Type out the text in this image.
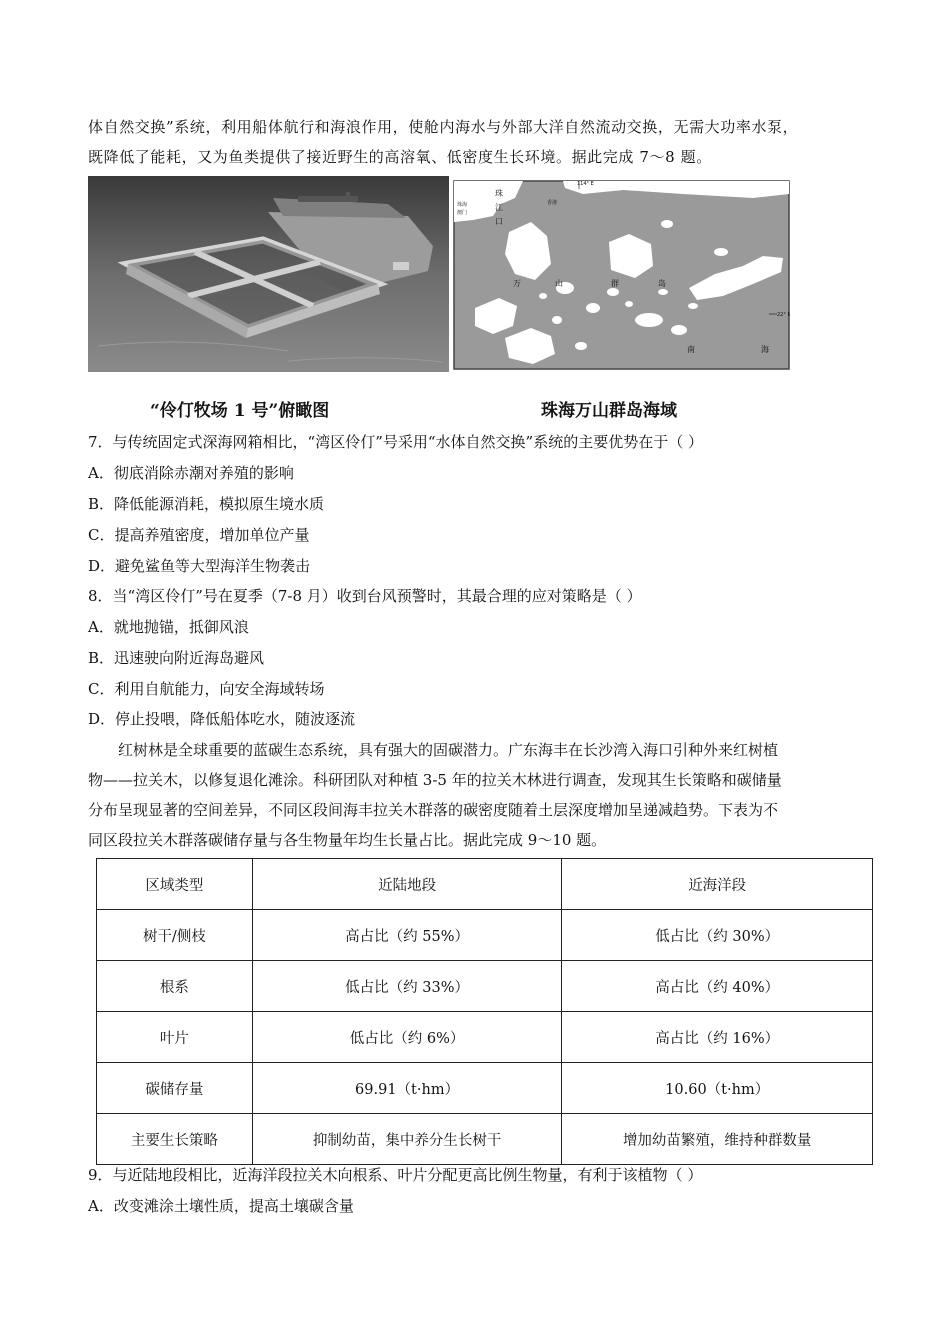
体自然交换”系统，利用船体航行和海浪作用，使舱内海水与外部大洋自然流动交换，无需大功率水泵，
既降低了能耗，又为鱼类提供了接近野生的高溶氧、低密度生长环境。据此完成 7～8 题。

114° E
珠海
澳门
香港
珠
江
口
万	山	群	岛
22° N
南	海
“伶仃牧场 1 号”俯瞰图	珠海万山群岛海域

7．与传统固定式深海网箱相比，“湾区伶仃”号采用“水体自然交换”系统的主要优势在于（ ）

A．彻底消除赤潮对养殖的影响

B．降低能源消耗，模拟原生境水质

C．提高养殖密度，增加单位产量

D．避免鲨鱼等大型海洋生物袭击

8．当“湾区伶仃”号在夏季（7-8 月）收到台风预警时，其最合理的应对策略是（ ）

A．就地抛锚，抵御风浪

B．迅速驶向附近海岛避风

C．利用自航能力，向安全海域转场

D．停止投喂，降低船体吃水，随波逐流

红树林是全球重要的蓝碳生态系统，具有强大的固碳潜力。广东海丰在长沙湾入海口引种外来红树植

物——拉关木，以修复退化滩涂。科研团队对种植 3-5 年的拉关木林进行调查，发现其生长策略和碳储量

分布呈现显著的空间差异，不同区段间海丰拉关木群落的碳密度随着土层深度增加呈递减趋势。下表为不

同区段拉关木群落碳储存量与各生物量年均生长量占比。据此完成 9～10 题。

区域类型	近陆地段	近海洋段
树干/侧枝	高占比（约 55%）	低占比（约 30%）
根系	低占比（约 33%）	高占比（约 40%）
叶片	低占比（约 6%）	高占比（约 16%）
碳储存量	69.91（t·hm）	10.60（t·hm）
主要生长策略	抑制幼苗，集中养分生长树干	增加幼苗繁殖，维持种群数量

9．与近陆地段相比，近海洋段拉关木向根系、叶片分配更高比例生物量，有利于该植物（ ）

A．改变滩涂土壤性质，提高土壤碳含量
